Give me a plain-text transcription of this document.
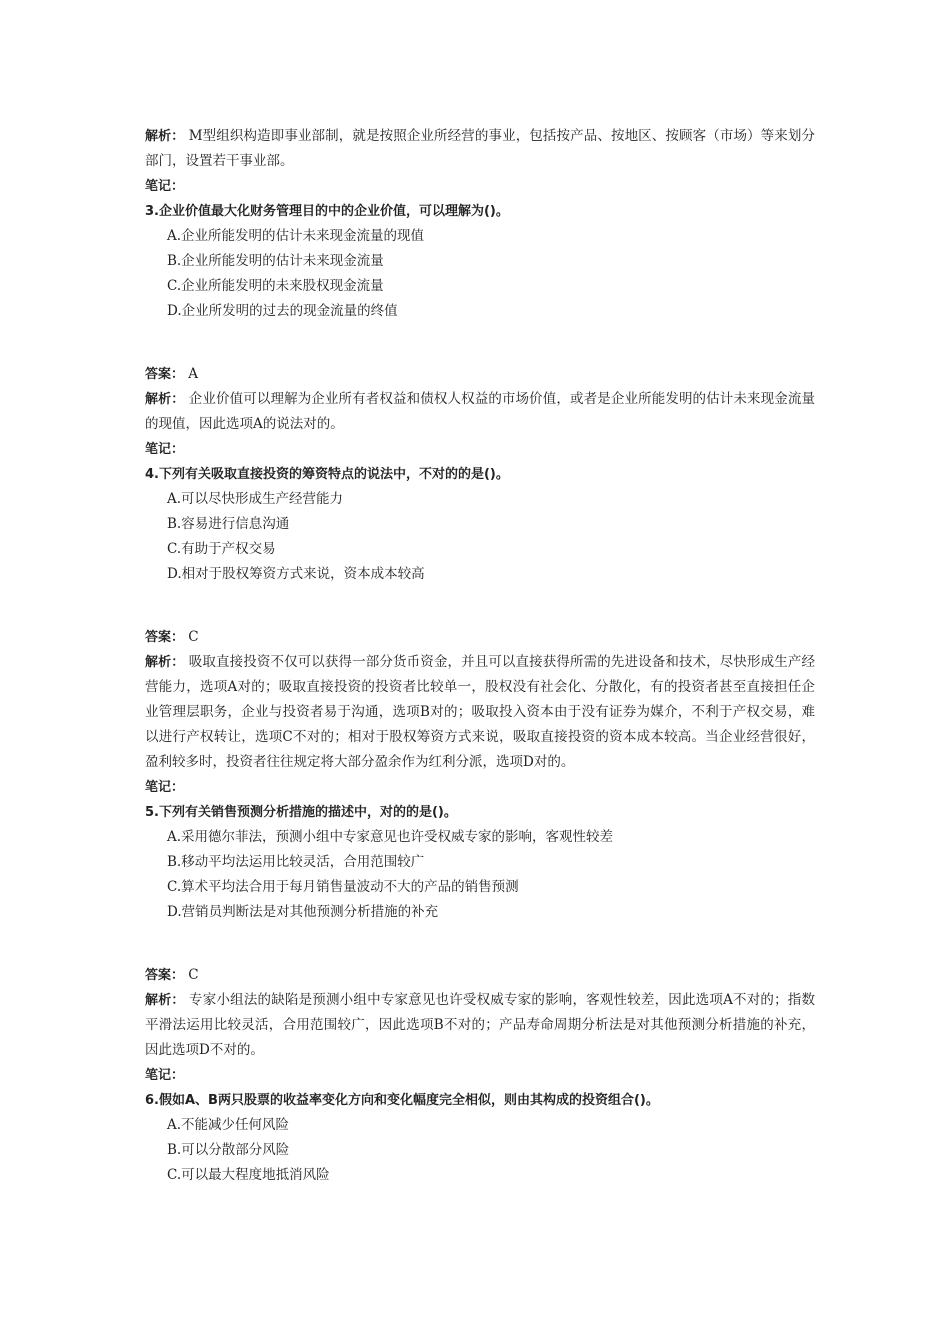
解析： M型组织构造即事业部制，就是按照企业所经营的事业，包括按产品、按地区、按顾客（市场）等来划分部门，设置若干事业部。

笔记：

3.企业价值最大化财务管理目的中的企业价值，可以理解为()。

A.企业所能发明的估计未来现金流量的现值

B.企业所能发明的估计未来现金流量

C.企业所能发明的未来股权现金流量

D.企业所发明的过去的现金流量的终值

答案： A

解析： 企业价值可以理解为企业所有者权益和债权人权益的市场价值，或者是企业所能发明的估计未来现金流量的现值，因此选项A的说法对的。

笔记：

4.下列有关吸取直接投资的筹资特点的说法中，不对的的是()。

A.可以尽快形成生产经营能力

B.容易进行信息沟通

C.有助于产权交易

D.相对于股权筹资方式来说，资本成本较高

答案： C

解析： 吸取直接投资不仅可以获得一部分货币资金，并且可以直接获得所需的先进设备和技术，尽快形成生产经营能力，选项A对的；吸取直接投资的投资者比较单一，股权没有社会化、分散化，有的投资者甚至直接担任企业管理层职务，企业与投资者易于沟通，选项B对的；吸取投入资本由于没有证券为媒介，不利于产权交易，难以进行产权转让，选项C不对的；相对于股权筹资方式来说，吸取直接投资的资本成本较高。当企业经营很好，盈利较多时，投资者往往规定将大部分盈余作为红利分派，选项D对的。

笔记：

5.下列有关销售预测分析措施的描述中，对的的是()。

A.采用德尔菲法，预测小组中专家意见也许受权威专家的影响，客观性较差

B.移动平均法运用比较灵活，合用范围较广

C.算术平均法合用于每月销售量波动不大的产品的销售预测

D.营销员判断法是对其他预测分析措施的补充

答案： C

解析： 专家小组法的缺陷是预测小组中专家意见也许受权威专家的影响，客观性较差，因此选项A不对的；指数平滑法运用比较灵活，合用范围较广，因此选项B不对的；产品寿命周期分析法是对其他预测分析措施的补充，因此选项D不对的。

笔记：

6.假如A、B两只股票的收益率变化方向和变化幅度完全相似，则由其构成的投资组合()。

A.不能减少任何风险

B.可以分散部分风险

C.可以最大程度地抵消风险
